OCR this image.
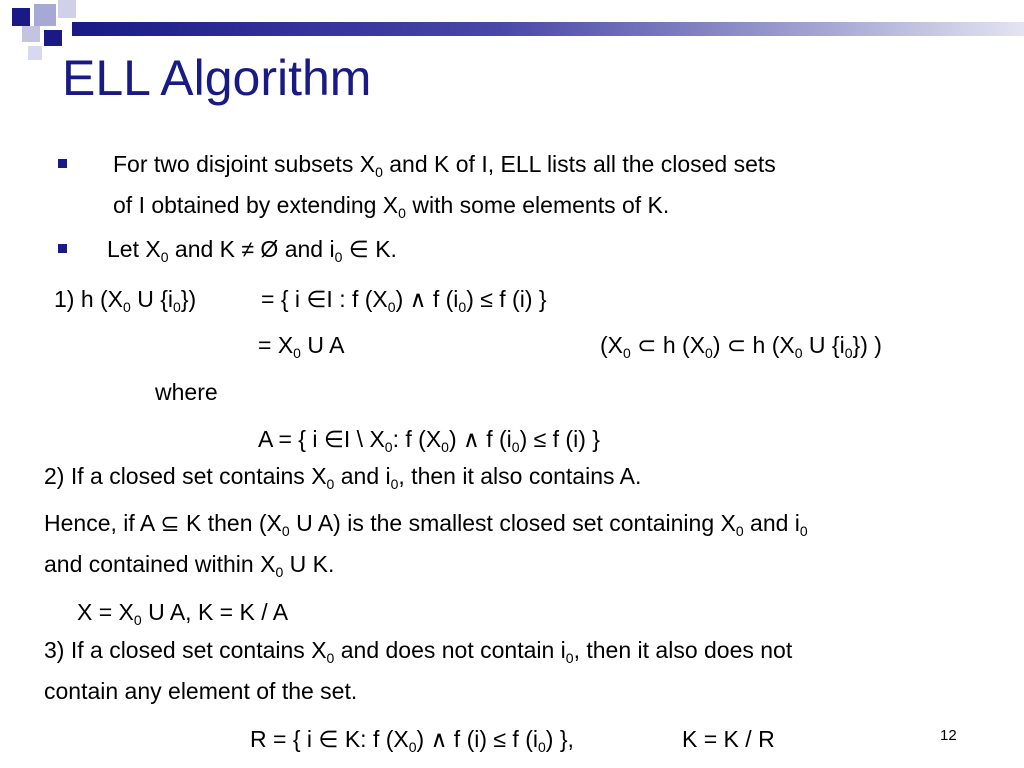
ELL Algorithm
For two disjoint subsets $X_0$ and K of I, ELL lists all the closed sets
of I obtained by extending $X_0$ with some elements of K.
Let $X_0$ and K ≠ Ø and $i_0$ ∈ K.
1) h ($X_0$ U $\{i_0\}$)	= { i ∈I : f $(X_0)$ ∧ f $(i_0) \le f$ (i) }
= $X_0$ U A	($X_0$ ⊂ h $(X_0)$ ⊂ h ($X_0$ U $\{i_0\}$) )
where
A = { i ∈I \ $X_0$: f $(X_0)$ ∧ f $(i_0) \le f$ (i) }
2) If a closed set contains $X_0$ and $i_0$, then it also contains A.
Hence, if A ⊆ K then ($X_0$ U A) is the smallest closed set containing $X_0$ and $i_0$
and contained within $X_0$ U K.
$X = X_0$ U A, K = K / A
3) If a closed set contains $X_0$ and does not contain $i_0$, then it also does not
contain any element of the set.
R = { i ∈ K: f $(X_0)$ ∧ f (i) ≤ f $(i_0)$ },	K = K / R	12
